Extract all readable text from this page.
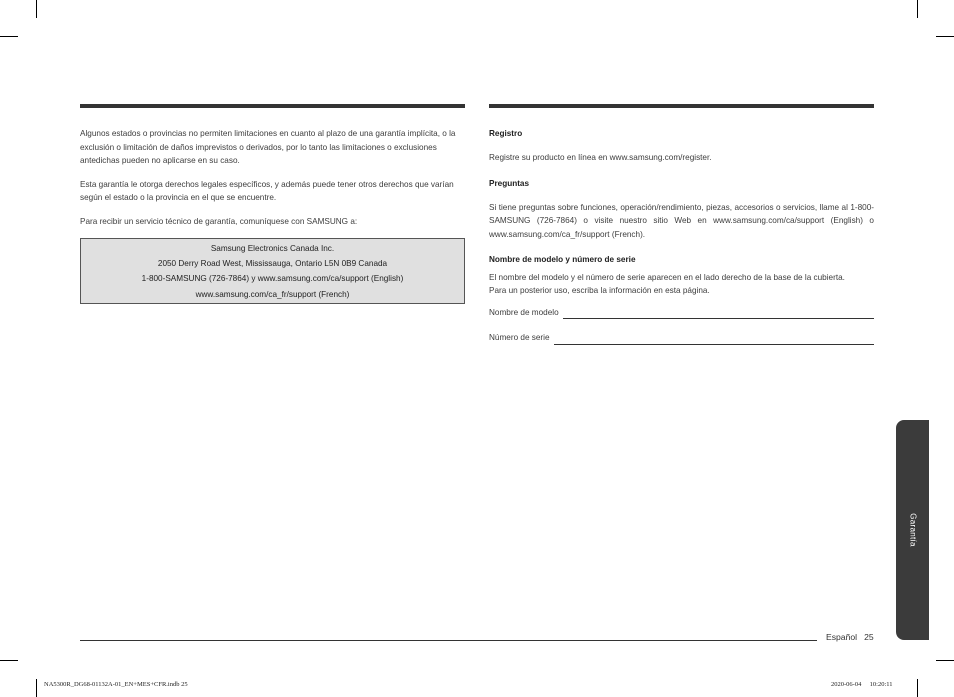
Algunos estados o provincias no permiten limitaciones en cuanto al plazo de una garantía implícita, o la exclusión o limitación de daños imprevistos o derivados, por lo tanto las limitaciones o exclusiones antedichas pueden no aplicarse en su caso.

Esta garantía le otorga derechos legales específicos, y además puede tener otros derechos que varían según el estado o la provincia en el que se encuentre.

Para recibir un servicio técnico de garantía, comuníquese con SAMSUNG a:

Samsung Electronics Canada Inc.
2050 Derry Road West, Mississauga, Ontario L5N 0B9 Canada
1-800-SAMSUNG (726-7864) y www.samsung.com/ca/support (English)
www.samsung.com/ca_fr/support (French)

Registro

Registre su producto en línea en www.samsung.com/register.

Preguntas

Si tiene preguntas sobre funciones, operación/rendimiento, piezas, accesorios o servicios, llame al 1-800-SAMSUNG (726-7864) o visite nuestro sitio Web en www.samsung.com/ca/support (English) o www.samsung.com/ca_fr/support (French).

Nombre de modelo y número de serie

El nombre del modelo y el número de serie aparecen en el lado derecho de la base de la cubierta.

Para un posterior uso, escriba la información en esta página.

Nombre de modelo
Número de serie
Garantía
Español 25
NA5300R_DG68-01132A-01_EN+MES+CFR.indb 25	2020-06-04   10:20:11
